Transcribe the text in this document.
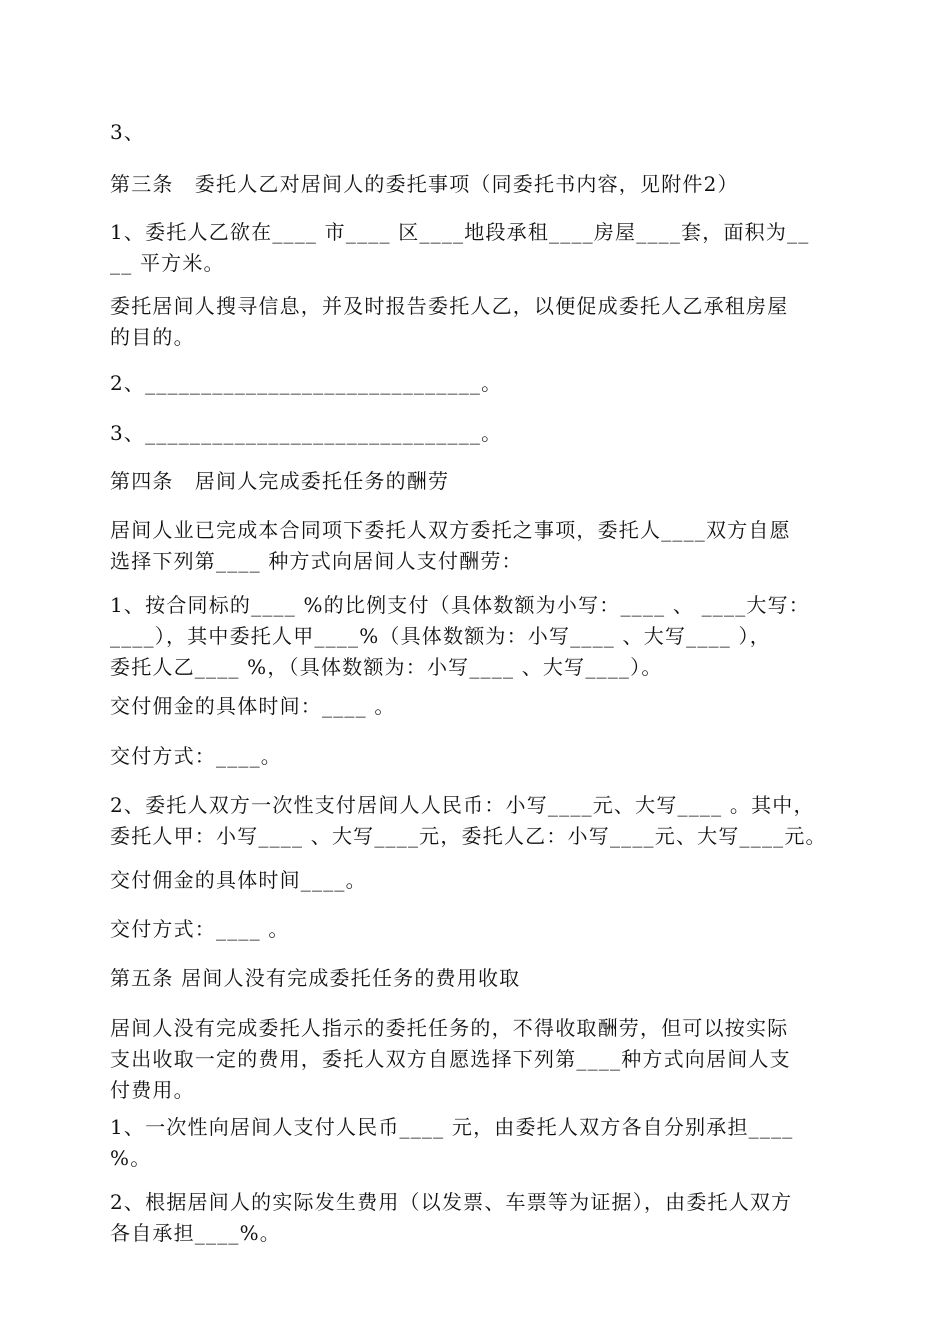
3、

第三条　委托人乙对居间人的委托事项（同委托书内容，见附件2）

1、委托人乙欲在____ 市____ 区____地段承租____房屋____套，面积为__
__ 平方米。

委托居间人搜寻信息，并及时报告委托人乙，以便促成委托人乙承租房屋
的目的。

2、______________________________。

3、______________________________。

第四条　居间人完成委托任务的酬劳

居间人业已完成本合同项下委托人双方委托之事项，委托人____双方自愿
选择下列第____ 种方式向居间人支付酬劳：

1、按合同标的____ %的比例支付（具体数额为小写：____ 、 ____大写：
____），其中委托人甲____%（具体数额为：小写____ 、大写____ ），
委托人乙____ %，（具体数额为：小写____ 、大写____）。

交付佣金的具体时间：____ 。

交付方式：____。

2、委托人双方一次性支付居间人人民币：小写____元、大写____ 。其中，
委托人甲：小写____ 、大写____元，委托人乙：小写____元、大写____元。

交付佣金的具体时间____。

交付方式：____ 。

第五条 居间人没有完成委托任务的费用收取

居间人没有完成委托人指示的委托任务的，不得收取酬劳，但可以按实际
支出收取一定的费用，委托人双方自愿选择下列第____种方式向居间人支
付费用。

1、一次性向居间人支付人民币____ 元，由委托人双方各自分别承担____
%。

2、根据居间人的实际发生费用（以发票、车票等为证据），由委托人双方
各自承担____%。
